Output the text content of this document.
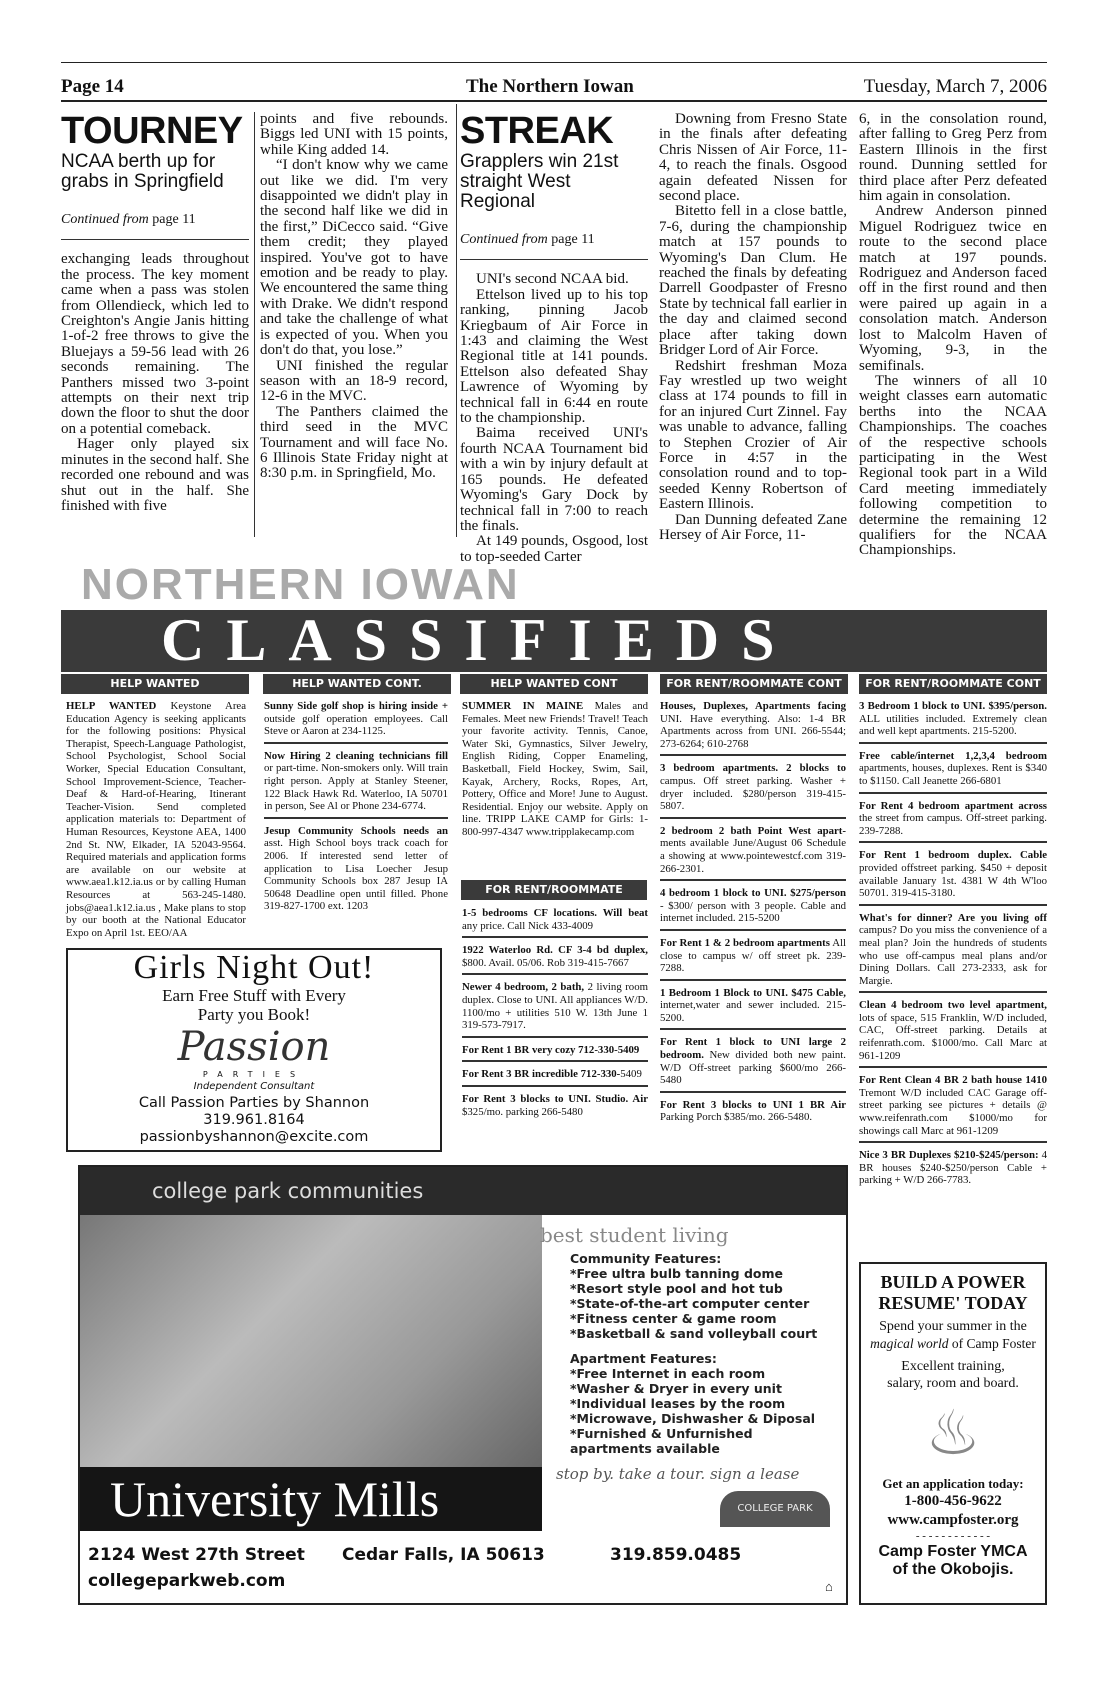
Page 14	The Northern Iowan	Tuesday, March 7, 2006
TOURNEY
NCAA berth up for grabs in Springfield
Continued from page 11

exchanging leads throughout the process. The key moment came when a pass was stolen from Ollendieck, which led to Creighton's Angie Janis hitting 1-of-2 free throws to give the Bluejays a 59-56 lead with 26 seconds remaining. The Panthers missed two 3-point attempts on their next trip down the floor to shut the door on a potential comeback.

Hager only played six minutes in the second half. She recorded one rebound and was shut out in the half. She finished with five

points and five rebounds. Biggs led UNI with 15 points, while King added 14.

“I don't know why we came out like we did. I'm very disappointed we didn't play in the second half like we did in the first,” DiCecco said. “Give them credit; they played inspired. You've got to have emotion and be ready to play. We encountered the same thing with Drake. We didn't respond and take the challenge of what is expected of you. When you don't do that, you lose.”

UNI finished the regular season with an 18-9 record, 12-6 in the MVC.

The Panthers claimed the third seed in the MVC Tournament and will face No. 6 Illinois State Friday night at 8:30 p.m. in Springfield, Mo.

STREAK
Grapplers win 21st straight West Regional
Continued from page 11

UNI's second NCAA bid.

Ettelson lived up to his top ranking, pinning Jacob Kriegbaum of Air Force in 1:43 and claiming the West Regional title at 141 pounds. Ettelson also defeated Shay Lawrence of Wyoming by technical fall in 6:44 en route to the championship.

Baima received UNI's fourth NCAA Tournament bid with a win by injury default at 165 pounds. He defeated Wyoming's Gary Dock by technical fall in 7:00 to reach the finals.

At 149 pounds, Osgood, lost to top-seeded Carter

Downing from Fresno State in the finals after defeating Chris Nissen of Air Force, 11-4, to reach the finals. Osgood again defeated Nissen for second place.

Bitetto fell in a close battle, 7-6, during the championship match at 157 pounds to Wyoming's Dan Clum. He reached the finals by defeating Darrell Goodpaster of Fresno State by technical fall earlier in the day and claimed second place after taking down Bridger Lord of Air Force.

Redshirt freshman Moza Fay wrestled up two weight class at 174 pounds to fill in for an injured Curt Zinnel. Fay was unable to advance, falling to Stephen Crozier of Air Force in 4:57 in the consolation round and to top-seeded Kenny Robertson of Eastern Illinois.

Dan Dunning defeated Zane Hersey of Air Force, 11-

6, in the consolation round, after falling to Greg Perz from Eastern Illinois in the first round. Dunning settled for third place after Perz defeated him again in consolation.

Andrew Anderson pinned Miguel Rodriguez twice en route to the second place match at 197 pounds. Rodriguez and Anderson faced off in the first round and then were paired up again in a consolation match. Anderson lost to Malcolm Haven of Wyoming, 9-3, in the semifinals.

The winners of all 10 weight classes earn automatic berths into the NCAA Championships. The coaches of the respective schools participating in the West Regional took part in a Wild Card meeting immediately following competition to determine the remaining 12 qualifiers for the NCAA Championships.

NORTHERN IOWAN
CLASSIFIEDS
HELP WANTED	HELP WANTED CONT.	HELP WANTED CONT	FOR RENT/ROOMMATE CONT	FOR RENT/ROOMMATE CONT
HELP WANTED Keystone Area Education Agency is seeking applicants for the following positions: Physical Therapist, Speech-Language Pathologist, School Psychologist, School Social Worker, Special Education Consultant, School Improvement-Science, Teacher-Deaf & Hard-of-Hearing, Itinerant Teacher-Vision. Send completed application materials to: Department of Human Resources, Keystone AEA, 1400 2nd St. NW, Elkader, IA 52043-9564. Required materials and application forms are available on our website at www.aea1.k12.ia.us or by calling Human Resources at 563-245-1480. jobs@aea1.k12.ia.us , Make plans to stop by our booth at the National Educator Expo on April 1st. EEO/AA
Sunny Side golf shop is hiring inside + outside golf operation employees. Call Steve or Aaron at 234-1125.
Now Hiring 2 cleaning technicians fill or part-time. Non-smokers only. Will train right person. Apply at Stanley Steener, 122 Black Hawk Rd. Waterloo, IA 50701 in person, See Al or Phone 234-6774.
Jesup Community Schools needs an asst. High School boys track coach for 2006. If interested send letter of application to Lisa Loecher Jesup Community Schools box 287 Jesup IA 50648 Deadline open until filled. Phone 319-827-1700 ext. 1203
SUMMER IN MAINE Males and Females. Meet new Friends! Travel! Teach your favorite activity. Tennis, Canoe, Water Ski, Gymnastics, Silver Jewelry, English Riding, Copper Enameling, Basketball, Field Hockey, Swim, Sail, Kayak, Archery, Rocks, Ropes, Art, Pottery, Office and More! June to August. Residential. Enjoy our website. Apply on line. TRIPP LAKE CAMP for Girls: 1-800-997-4347 www.tripplakecamp.com
FOR RENT/ROOMMATE
1-5 bedrooms CF locations. Will beat any price. Call Nick 433-4009
1922 Waterloo Rd. CF 3-4 bd duplex, $800. Avail. 05/06. Rob 319-415-7667
Newer 4 bedroom, 2 bath, 2 living room duplex. Close to UNI. All appliances W/D. 1100/mo + utilities 510 W. 13th June 1 319-573-7917.
For Rent 1 BR very cozy 712-330-5409
For Rent 3 BR incredible 712-330-5409
For Rent 3 blocks to UNI. Studio. Air $325/mo. parking 266-5480
Houses, Duplexes, Apartments facing UNI. Have everything. Also: 1-4 BR Apartments across from UNI. 266-5544; 273-6264; 610-2768
3 bedroom apartments. 2 blocks to campus. Off street parking. Washer + dryer included. $280/person 319-415-5807.
2 bedroom 2 bath Point West apart-ments available June/August 06 Schedule a showing at www.pointewestcf.com 319-266-2301.
4 bedroom 1 block to UNI. $275/person - $300/ person with 3 people. Cable and internet included. 215-5200
For Rent 1 & 2 bedroom apartments All close to campus w/ off street pk. 239-7288.
1 Bedroom 1 Block to UNI. $475 Cable, internet,water and sewer included. 215-5200.
For Rent 1 block to UNI large 2 bedroom. New divided both new paint. W/D Off-street parking $600/mo 266-5480
For Rent 3 blocks to UNI 1 BR Air Parking Porch $385/mo. 266-5480.
3 Bedroom 1 block to UNI. $395/person. ALL utilities included. Extremely clean and well kept apartments. 215-5200.
Free cable/internet 1,2,3,4 bedroom apartments, houses, duplexes. Rent is $340 to $1150. Call Jeanette 266-6801
For Rent 4 bedroom apartment across the street from campus. Off-street parking. 239-7288.
For Rent 1 bedroom duplex. Cable provided offstreet parking. $450 + deposit available January 1st. 4381 W 4th W'loo 50701. 319-415-3180.
What's for dinner? Are you living off campus? Do you miss the convenience of a meal plan? Join the hundreds of students who use off-campus meal plans and/or Dining Dollars. Call 273-2333, ask for Margie.
Clean 4 bedroom two level apartment, lots of space, 515 Franklin, W/D included, CAC, Off-street parking. Details at reifenrath.com. $1000/mo. Call Marc at 961-1209
For Rent Clean 4 BR 2 bath house 1410 Tremont W/D included CAC Garage off-street parking see pictures + details @ www.reifenrath.com $1000/mo for showings call Marc at 961-1209
Nice 3 BR Duplexes $210-$245/person: 4 BR houses $240-$250/person Cable + parking + W/D 266-7783.
Girls Night Out!
Earn Free Stuff with Every
Party you Book!
Passion
PARTIES
Independent Consultant
Call Passion Parties by Shannon
319.961.8164
passionbyshannon@excite.com
college park communities
best student living
Community Features:
*Free ultra bulb tanning dome
*Resort style pool and hot tub
*State-of-the-art computer center
*Fitness center & game room
*Basketball & sand volleyball court
Apartment Features:
*Free Internet in each room
*Washer & Dryer in every unit
*Individual leases by the room
*Microwave, Dishwasher & Diposal
*Furnished & Unfurnished
apartments available
University Mills	stop by. take a tour. sign a lease
COLLEGE PARK
2124 West 27th Street Cedar Falls, IA 50613	319.859.0485
collegeparkweb.com	⌂
BUILD A POWER
RESUME' TODAY
Spend your summer in the
magical world of Camp Foster
Excellent training,
salary, room and board.
♨
Get an application today:
1-800-456-9622
www.campfoster.org
- - - - - - - - - - - -
Camp Foster YMCA
of the Okobojis.
